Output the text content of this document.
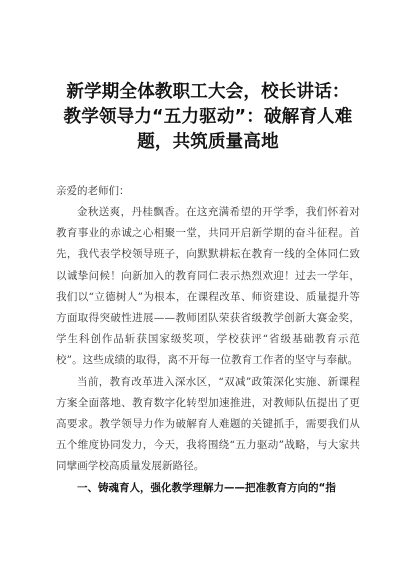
新学期全体教职工大会，校长讲话：教学领导力“五力驱动”：破解育人难题，共筑质量高地

亲爱的老师们：

金秋送爽，丹桂飘香。在这充满希望的开学季，我们怀着对教育事业的赤诚之心相聚一堂，共同开启新学期的奋斗征程。首先，我代表学校领导班子，向默默耕耘在教育一线的全体同仁致以诚挚问候！向新加入的教育同仁表示热烈欢迎！过去一学年，我们以“立德树人”为根本，在课程改革、师资建设、质量提升等方面取得突破性进展——教师团队荣获省级教学创新大赛金奖，学生科创作品斩获国家级奖项，学校获评“省级基础教育示范校”。这些成绩的取得，离不开每一位教育工作者的坚守与奉献。

当前，教育改革进入深水区，“双减”政策深化实施、新课程方案全面落地、教育数字化转型加速推进，对教师队伍提出了更高要求。教学领导力作为破解育人难题的关键抓手，需要我们从五个维度协同发力，今天，我将围绕“五力驱动”战略，与大家共同擘画学校高质量发展新路径。

一、铸魂育人，强化教学理解力——把准教育方向的“指
